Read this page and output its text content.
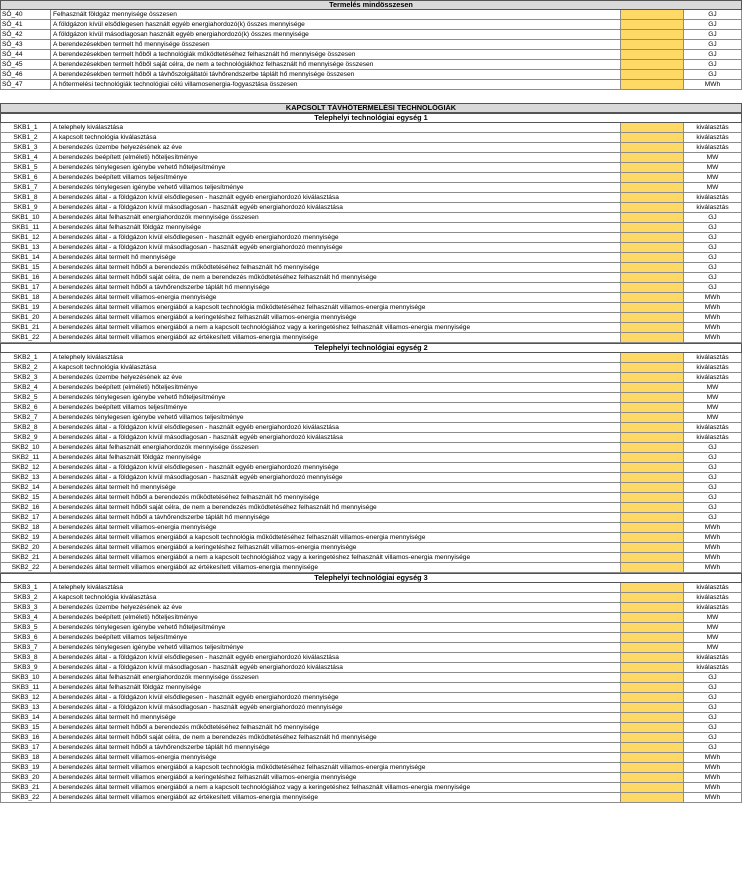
Termelés mindösszesen
SÖ_40	Felhasznált földgáz mennyisége összesen	GJ
SÖ_41	A földgázon kívül elsődlegesen használt egyéb energiahordozó(k) összes mennyisége	GJ
SÖ_42	A földgázon kívül másodlagosan használt egyéb energiahordozó(k) összes mennyisége	GJ
SÖ_43	A berendezésekben termelt hő mennyisége összesen	GJ
SÖ_44	A berendezésekben termelt hőből a technológiák működtetéséhez felhasznált hő mennyisége összesen	GJ
SÖ_45	A berendezésekben termelt hőből saját célra, de nem a technológiákhoz felhasznált hő mennyisége összesen	GJ
SÖ_46	A berendezésekben termelt hőből a távhőszolgáltatói távhőrendszerbe táplált hő mennyisége összesen	GJ
SÖ_47	A hőtermelési technológiák technológiai célú villamosenergia-fogyasztása összesen	MWh
KAPCSOLT TÁVHŐTERMELÉSI TECHNOLÓGIÁK
Telephelyi technológiai egység 1
SKB1_1	A telephely kiválasztása	kiválasztás
SKB1_2	A kapcsolt technológia kiválasztása	kiválasztás
SKB1_3	A berendezés üzembe helyezésének az éve	kiválasztás
SKB1_4	A berendezés beépített (elméleti) hőteljesítménye	MW
SKB1_5	A berendezés ténylegesen igénybe vehető hőteljesítménye	MW
SKB1_6	A berendezés beépített villamos teljesítménye	MW
SKB1_7	A berendezés ténylegesen igénybe vehető villamos teljesítménye	MW
SKB1_8	A berendezés által - a földgázon kívül elsődlegesen - használt egyéb energiahordozó kiválasztása	kiválasztás
SKB1_9	A berendezés által - a földgázon kívül másodlagosan - használt egyéb energiahordozó kiválasztása	kiválasztás
SKB1_10	A berendezés által felhasznált energiahordozók mennyisége összesen	GJ
SKB1_11	A berendezés által felhasznált földgáz mennyisége	GJ
SKB1_12	A berendezés által - a földgázon kívül elsődlegesen - használt egyéb energiahordozó mennyisége	GJ
SKB1_13	A berendezés által - a földgázon kívül másodlagosan - használt egyéb energiahordozó mennyisége	GJ
SKB1_14	A berendezés által termelt hő mennyisége	GJ
SKB1_15	A berendezés által termelt hőből a berendezés működtetéséhez felhasznált hő mennyisége	GJ
SKB1_16	A berendezés által termelt hőből saját célra, de nem a berendezés működtetéséhez felhasznált hő mennyisége	GJ
SKB1_17	A berendezés által termelt hőből a távhőrendszerbe táplált hő mennyisége	GJ
SKB1_18	A berendezés által termelt villamos-energia mennyisége	MWh
SKB1_19	A berendezés által termelt villamos energiából a kapcsolt technológia működtetéséhez felhasznált villamos-energia mennyisége	MWh
SKB1_20	A berendezés által termelt villamos energiából a keringetéshez felhasznált villamos-energia mennyisége	MWh
SKB1_21	A berendezés által termelt villamos energiából a nem a kapcsolt technológiához vagy a keringetéshez felhasznált villamos-energia mennyisége	MWh
SKB1_22	A berendezés által termelt villamos energiából az értékesített villamos-energia mennyisége	MWh
Telephelyi technológiai egység 2
SKB2_1	A telephely kiválasztása	kiválasztás
SKB2_2	A kapcsolt technológia kiválasztása	kiválasztás
SKB2_3	A berendezés üzembe helyezésének az éve	kiválasztás
SKB2_4	A berendezés beépített (elméleti) hőteljesítménye	MW
SKB2_5	A berendezés ténylegesen igénybe vehető hőteljesítménye	MW
SKB2_6	A berendezés beépített villamos teljesítménye	MW
SKB2_7	A berendezés ténylegesen igénybe vehető villamos teljesítménye	MW
SKB2_8	A berendezés által - a földgázon kívül elsődlegesen - használt egyéb energiahordozó kiválasztása	kiválasztás
SKB2_9	A berendezés által - a földgázon kívül másodlagosan - használt egyéb energiahordozó kiválasztása	kiválasztás
SKB2_10	A berendezés által felhasznált energiahordozók mennyisége összesen	GJ
SKB2_11	A berendezés által felhasznált földgáz mennyisége	GJ
SKB2_12	A berendezés által - a földgázon kívül elsődlegesen - használt egyéb energiahordozó mennyisége	GJ
SKB2_13	A berendezés által - a földgázon kívül másodlagosan - használt egyéb energiahordozó mennyisége	GJ
SKB2_14	A berendezés által termelt hő mennyisége	GJ
SKB2_15	A berendezés által termelt hőből a berendezés működtetéséhez felhasznált hő mennyisége	GJ
SKB2_16	A berendezés által termelt hőből saját célra, de nem a berendezés működtetéséhez felhasznált hő mennyisége	GJ
SKB2_17	A berendezés által termelt hőből a távhőrendszerbe táplált hő mennyisége	GJ
SKB2_18	A berendezés által termelt villamos-energia mennyisége	MWh
SKB2_19	A berendezés által termelt villamos energiából a kapcsolt technológia működtetéséhez felhasznált villamos-energia mennyisége	MWh
SKB2_20	A berendezés által termelt villamos energiából a keringetéshez felhasznált villamos-energia mennyisége	MWh
SKB2_21	A berendezés által termelt villamos energiából a nem a kapcsolt technológiához vagy a keringetéshez felhasznált villamos-energia mennyisége	MWh
SKB2_22	A berendezés által termelt villamos energiából az értékesített villamos-energia mennyisége	MWh
Telephelyi technológiai egység 3
SKB3_1	A telephely kiválasztása	kiválasztás
SKB3_2	A kapcsolt technológia kiválasztása	kiválasztás
SKB3_3	A berendezés üzembe helyezésének az éve	kiválasztás
SKB3_4	A berendezés beépített (elméleti) hőteljesítménye	MW
SKB3_5	A berendezés ténylegesen igénybe vehető hőteljesítménye	MW
SKB3_6	A berendezés beépített villamos teljesítménye	MW
SKB3_7	A berendezés ténylegesen igénybe vehető villamos teljesítménye	MW
SKB3_8	A berendezés által - a földgázon kívül elsődlegesen - használt egyéb energiahordozó kiválasztása	kiválasztás
SKB3_9	A berendezés által - a földgázon kívül másodlagosan - használt egyéb energiahordozó kiválasztása	kiválasztás
SKB3_10	A berendezés által felhasznált energiahordozók mennyisége összesen	GJ
SKB3_11	A berendezés által felhasznált földgáz mennyisége	GJ
SKB3_12	A berendezés által - a földgázon kívül elsődlegesen - használt egyéb energiahordozó mennyisége	GJ
SKB3_13	A berendezés által - a földgázon kívül másodlagosan - használt egyéb energiahordozó mennyisége	GJ
SKB3_14	A berendezés által termelt hő mennyisége	GJ
SKB3_15	A berendezés által termelt hőből a berendezés működtetéséhez felhasznált hő mennyisége	GJ
SKB3_16	A berendezés által termelt hőből saját célra, de nem a berendezés működtetéséhez felhasznált hő mennyisége	GJ
SKB3_17	A berendezés által termelt hőből a távhőrendszerbe táplált hő mennyisége	GJ
SKB3_18	A berendezés által termelt villamos-energia mennyisége	MWh
SKB3_19	A berendezés által termelt villamos energiából a kapcsolt technológia működtetéséhez felhasznált villamos-energia mennyisége	MWh
SKB3_20	A berendezés által termelt villamos energiából a keringetéshez felhasznált villamos-energia mennyisége	MWh
SKB3_21	A berendezés által termelt villamos energiából a nem a kapcsolt technológiához vagy a keringetéshez felhasznált villamos-energia mennyisége	MWh
SKB3_22	A berendezés által termelt villamos energiából az értékesített villamos-energia mennyisége	MWh
